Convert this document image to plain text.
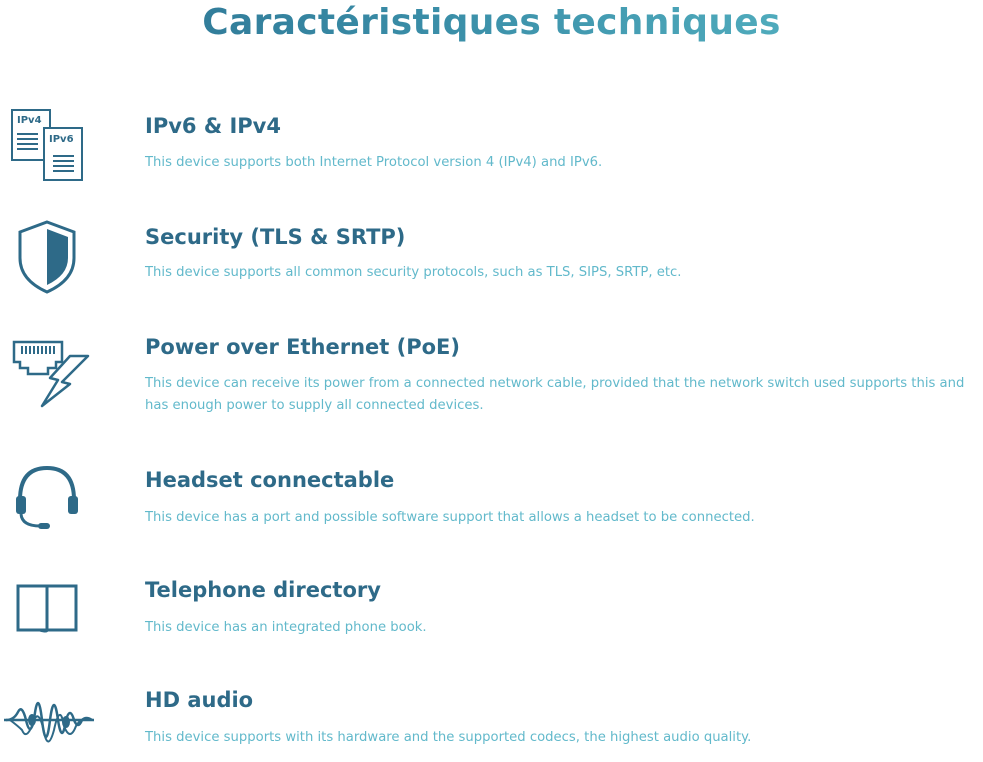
Caractéristiques techniques
IPv4
IPv6
IPv6 & IPv4

This device supports both Internet Protocol version 4 (IPv4) and IPv6.

Security (TLS & SRTP)

This device supports all common security protocols, such as TLS, SIPS, SRTP, etc.

Power over Ethernet (PoE)

This device can receive its power from a connected network cable, provided that the network switch used supports this and has enough power to supply all connected devices.

Headset connectable

This device has a port and possible software support that allows a headset to be connected.

Telephone directory

This device has an integrated phone book.

HD audio

This device supports with its hardware and the supported codecs, the highest audio quality.
